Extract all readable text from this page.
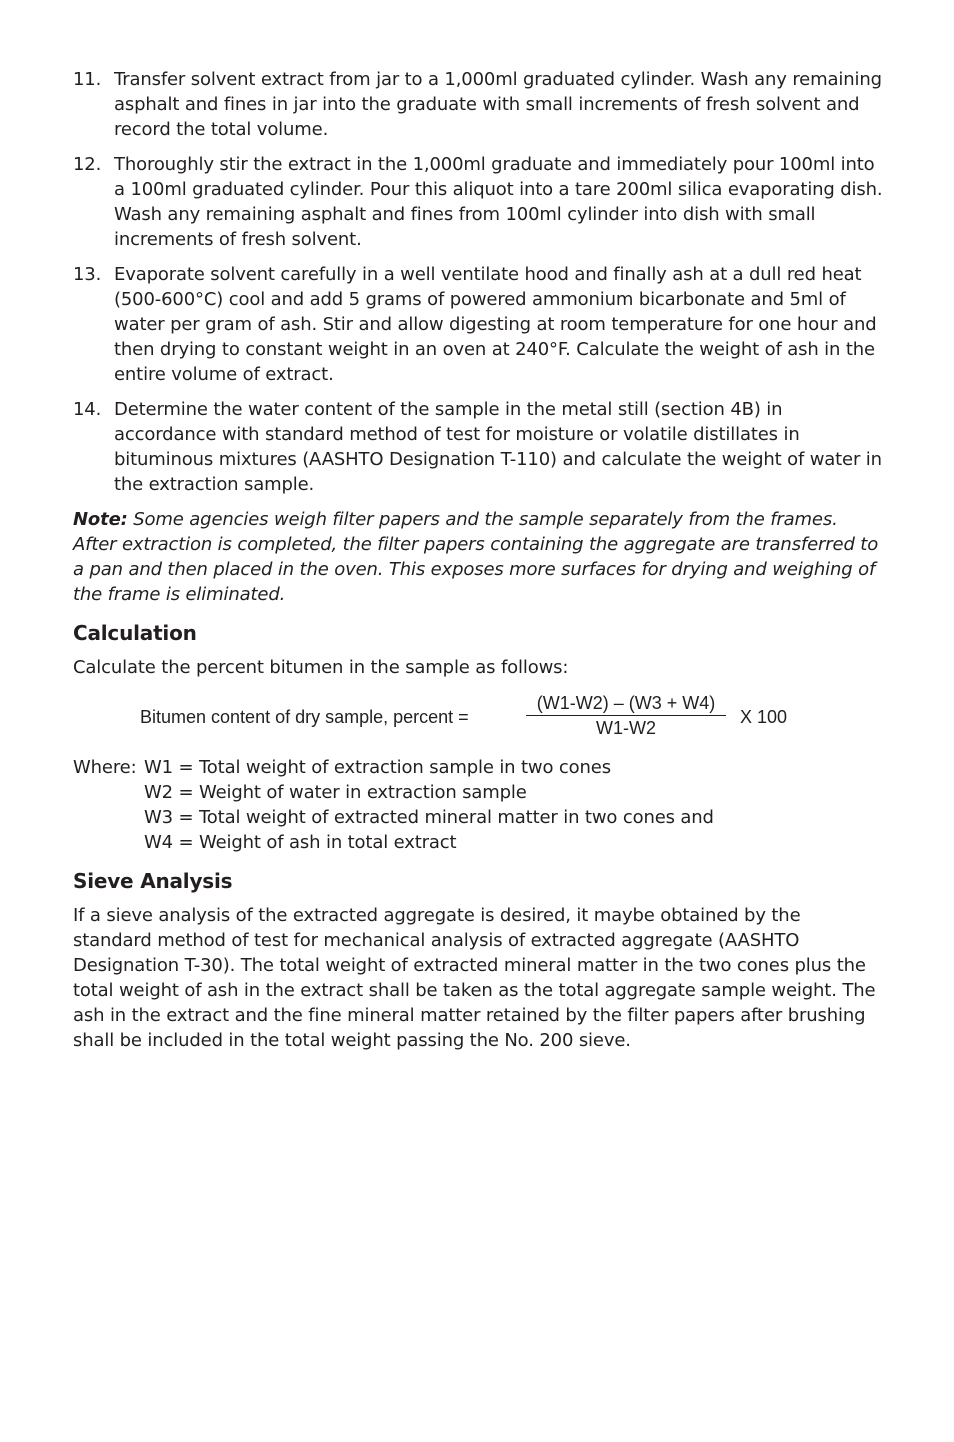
11. Transfer solvent extract from jar to a 1,000ml graduated cylinder. Wash any remaining asphalt and fines in jar into the graduate with small increments of fresh solvent and record the total volume.
12. Thoroughly stir the extract in the 1,000ml graduate and immediately pour 100ml into a 100ml graduated cylinder. Pour this aliquot into a tare 200ml silica evaporating dish. Wash any remaining asphalt and fines from 100ml cylinder into dish with small increments of fresh solvent.
13. Evaporate solvent carefully in a well ventilate hood and finally ash at a dull red heat (500-600°C) cool and add 5 grams of powered ammonium bicarbonate and 5ml of water per gram of ash. Stir and allow digesting at room temperature for one hour and then drying to constant weight in an oven at 240°F. Calculate the weight of ash in the entire volume of extract.
14. Determine the water content of the sample in the metal still (section 4B) in accordance with standard method of test for moisture or volatile distillates in bituminous mixtures (AASHTO Designation T-110) and calculate the weight of water in the extraction sample.

Note: Some agencies weigh filter papers and the sample separately from the frames. After extraction is completed, the filter papers containing the aggregate are transferred to a pan and then placed in the oven. This exposes more surfaces for drying and weighing of the frame is eliminated.

Calculation

Calculate the percent bitumen in the sample as follows:

Bitumen content of dry sample, percent =	$\frac{(W1-W2) - (W3 + W4)}{W1-W2}$ X 100
Where: W1 = Total weight of extraction sample in two cones
W2 = Weight of water in extraction sample
W3 = Total weight of extracted mineral matter in two cones and
W4 = Weight of ash in total extract
Sieve Analysis

If a sieve analysis of the extracted aggregate is desired, it maybe obtained by the standard method of test for mechanical analysis of extracted aggregate (AASHTO Designation T-30). The total weight of extracted mineral matter in the two cones plus the total weight of ash in the extract shall be taken as the total aggregate sample weight. The ash in the extract and the fine mineral matter retained by the filter papers after brushing shall be included in the total weight passing the No. 200 sieve.
